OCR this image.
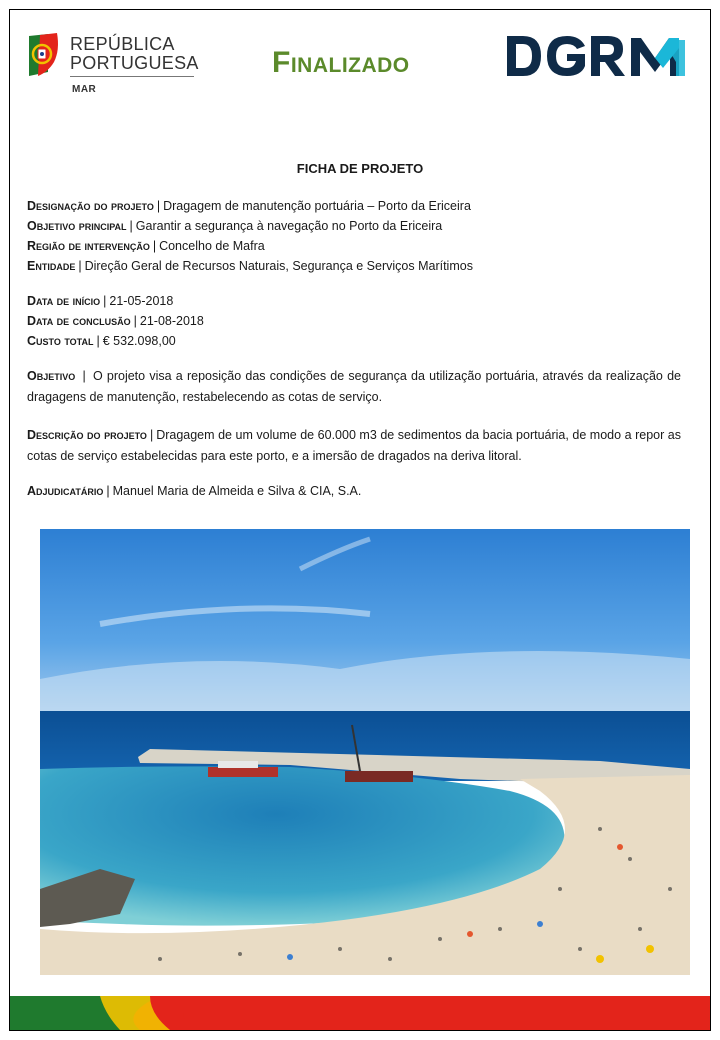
REPÚBLICA
PORTUGUESA
MAR
Finalizado
FICHA DE PROJETO
Designação do projeto | Dragagem de manutenção portuária – Porto da Ericeira
Objetivo principal | Garantir a segurança à navegação no Porto da Ericeira
Região de intervenção | Concelho de Mafra
Entidade | Direção Geral de Recursos Naturais, Segurança e Serviços Marítimos
Data de início | 21-05-2018
Data de conclusão | 21-08-2018
Custo total | € 532.098,00
Objetivo | O projeto visa a reposição das condições de segurança da utilização portuária, através da realização de dragagens de manutenção, restabelecendo as cotas de serviço.
Descrição do projeto | Dragagem de um volume de 60.000 m3 de sedimentos da bacia portuária, de modo a repor as cotas de serviço estabelecidas para este porto, e a imersão de dragados na deriva litoral.
Adjudicatário | Manuel Maria de Almeida e Silva & CIA, S.A.
